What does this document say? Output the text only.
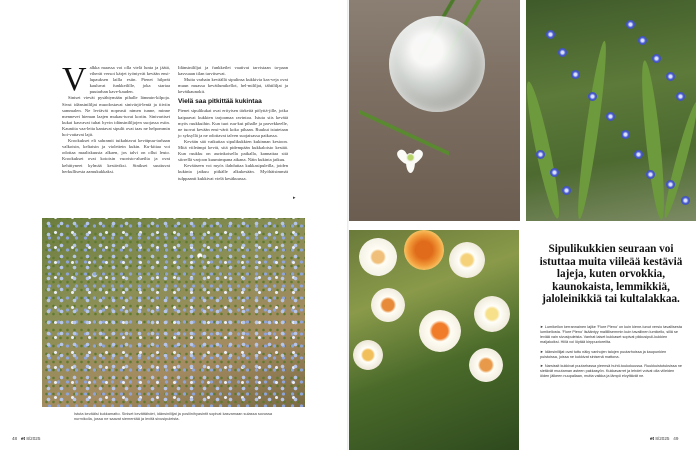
V alkka maassa voi olla vielä lunta ja jäätä, viherät versot kärjet työntyvät kevään ensi-lupauksen lailla esiin. Pienet hilpeät kauluvat funkkeilille, joka startaa puutarhan kave-kauden.

Siniset vievät pysähtymään pihalle lämmin-kilpoja. Sivut idänsinililjat muodostavat sinivärjä-lentä ja tiiviin sammalen. Ne leviävät nopeasti nimen tunne, minne mennevet hieman laajen mukau-tuvat koriin. Sinivartiset kukat kasvavat tuhat hyvin idänsinililjojen suojassa esiin. Kauniita vaa-leita kantavat sipulit ovat taas ne helpommin hoi-vattavat lajit.

Krookukset eli sahramit tuikahtavat kevätpuu-tarhaan valkoisin, keltaisin ja violettein kukin. Ku-kittaa voi odottaa maaliskuusta alkaen, jos talvi on ollut leuto. Krookukset ovat kotoisin vuoristo-alueilta ja ovat kehittyneet kylmää kestäviksi. Sinikset suuttuvat herkullisesta aamukukkaksi.

Idänsinililjat ja funkkeilet vaativat tarvistaan ta-paan kasvuaan tilan tarvitsevat.

Muita varhain keväällä sipulinsa kukkivia kas-veja ovat muun muassa kevätlumikellot, hel-mililjat, tähtililjat ja kevätkaunokit.

Vielä saa pitkittää kukintaa

Pienet sipulikukat ovat erityisen tärkeitä pölyttä-jille, jotka kaipaavat kukkien tarjoamaa ravintoa. Istuta siis kevätä myös ruukkuihin. Kun tuot ruu-kut pihalle ja parvekkeelle, ne tuovat kevään ensi-värit koko pihaan. Ruukut istutetaan jo syksyllä ja ne odottavat talven suojaisassa paikassa.

Kevään sää vaikuttaa sipulikukkien kukinnan kestoon. Mitä viileämpi kevät, sitä pidempään kukkaloisto kestää. Kun ruukku on aurinkoisella paikalla, kannattaa sitä siirrellä varjoon kuumimpana aikana. Näin kukinta jatkuu.

Kevääseen voi myös ilahduttaa kukkasipuleilla, joiden kukinta jatkuu pitkälle alkukesään. Myöhäisimmät tulppaanit kukkivat vielä kesäkuussa.

▸
Istuta keväälsi kukkamatto. Siniset kevättähdet, idänsinililjat ja posliinihyasintit sopivat kasvamaan sulassa sovussa nurmikolla, jossa ne saavat siementää ja levitä sivusipuleista.
48 et 8/2025
Sipulikukkien seuraan voi istuttaa muita viileää kestäviä lajeja, kuten orvokkia, kaunokaista, lemmikkiä, jaloleinikkiä tai kultalakkaa.

► Lumikellon kerrannainen lajike 'Flore Pleno' on kuin kiene-tunut versio tavallisesta lumikellosta. 'Flore Pleno' lisääntyy mallillisemmin kuin tavallinen lumikello, sillä se leviää vain sivusipuleista. Vanhat laiset kukkaset sopivat pikkusipuli-kukkien maljakoiksi. Hiilä voi löytää kirppuotoreilta.

► Idänsinililjat ovat tuttu näky vanhojen talojen puutarhoissa ja kaupunkien puistoissa, joissa ne kukkivat sinisenä mattona.

► Narsissit kukkivat puutarhassa yleensä huhti-toukokuussa. Ruukkuistutuksissa ne sietävät muutaman asteen pakkasyön. Kukkavarret ja lehdet voivat olla viileiden öiden jälkeen nuupallaan, mutta vaikka ja lämpö elvyttävät ne.

et 8/2025 49
